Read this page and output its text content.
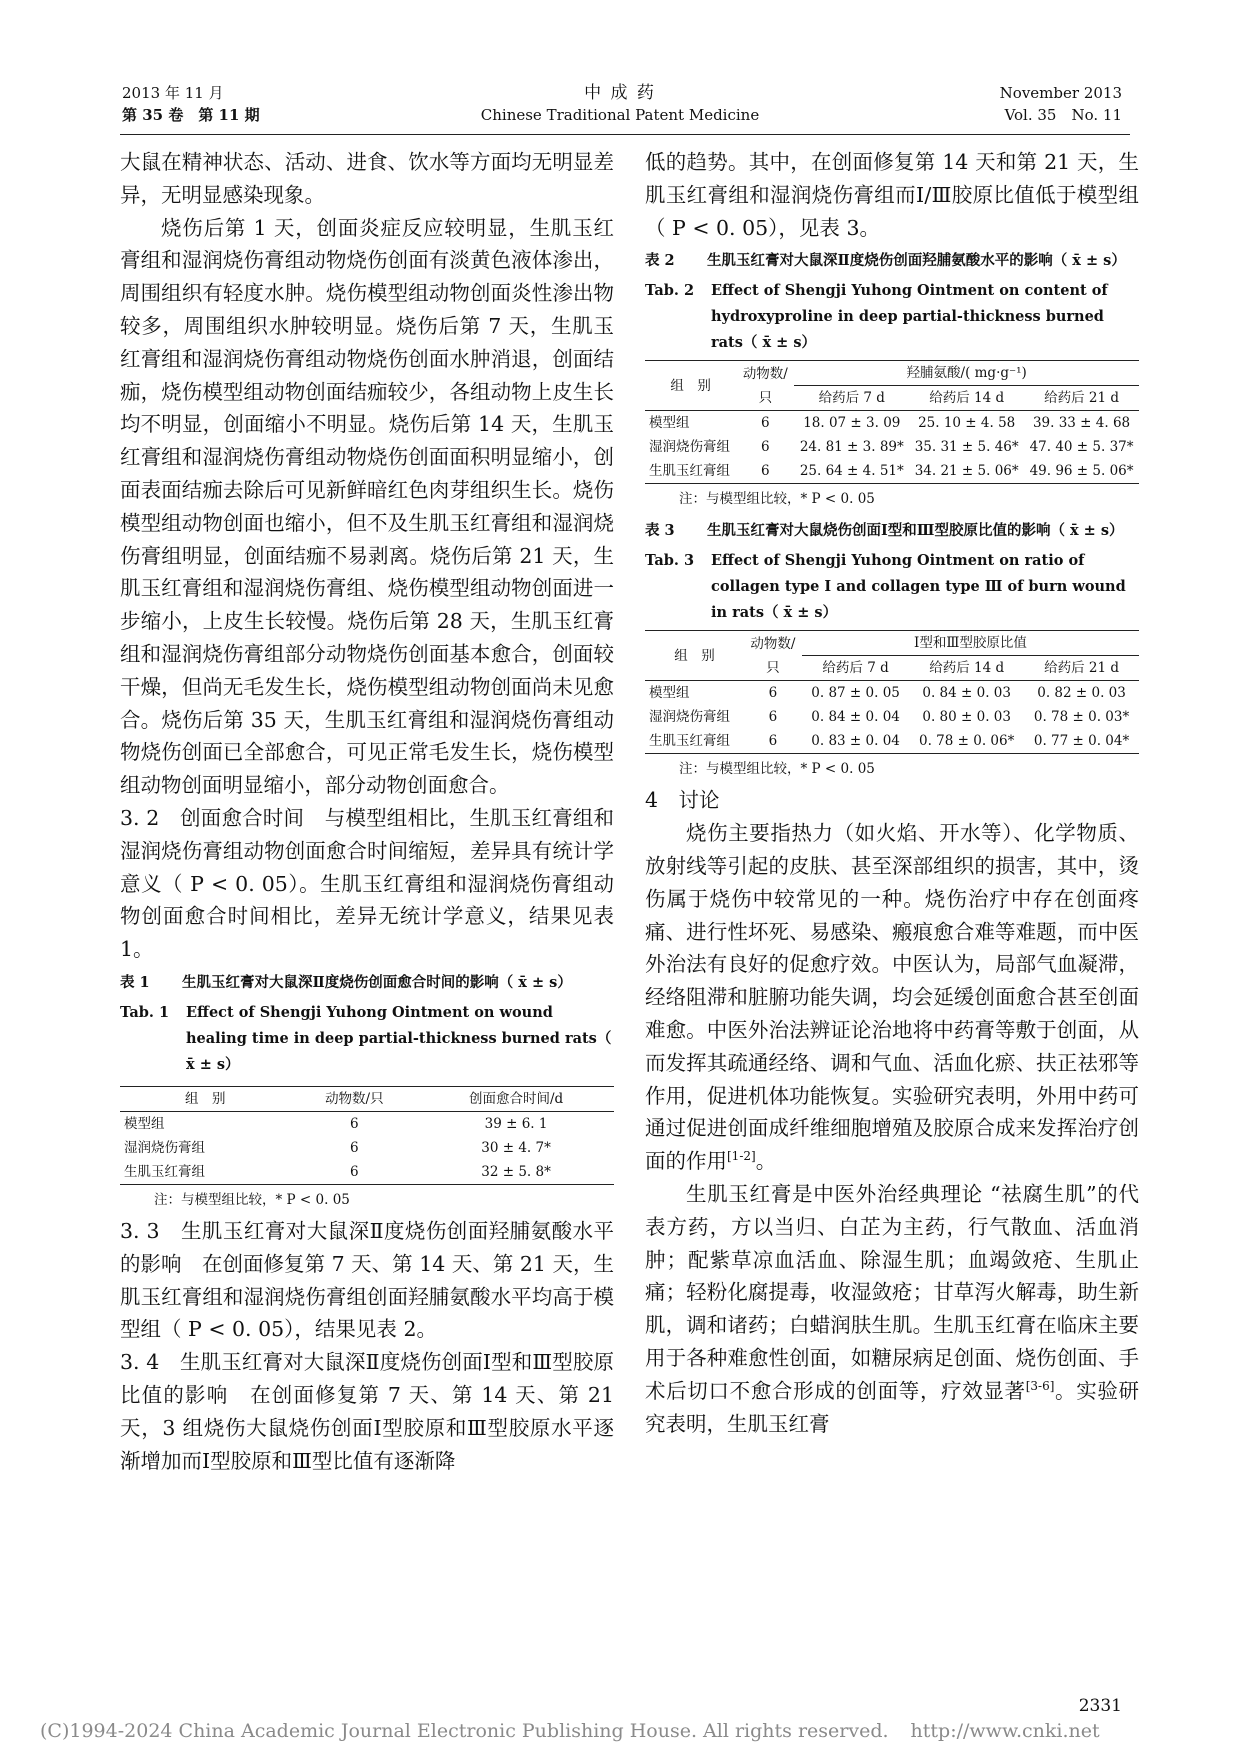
2013 年 11 月
第 35 卷　第 11 期
中 成 药
Chinese Traditional Patent Medicine
November 2013
Vol. 35　No. 11

大鼠在精神状态、活动、进食、饮水等方面均无明显差异，无明显感染现象。

烧伤后第 1 天，创面炎症反应较明显，生肌玉红膏组和湿润烧伤膏组动物烧伤创面有淡黄色液体渗出，周围组织有轻度水肿。烧伤模型组动物创面炎性渗出物较多，周围组织水肿较明显。烧伤后第 7 天，生肌玉红膏组和湿润烧伤膏组动物烧伤创面水肿消退，创面结痂，烧伤模型组动物创面结痂较少，各组动物上皮生长均不明显，创面缩小不明显。烧伤后第 14 天，生肌玉红膏组和湿润烧伤膏组动物烧伤创面面积明显缩小，创面表面结痂去除后可见新鲜暗红色肉芽组织生长。烧伤模型组动物创面也缩小，但不及生肌玉红膏组和湿润烧伤膏组明显，创面结痂不易剥离。烧伤后第 21 天，生肌玉红膏组和湿润烧伤膏组、烧伤模型组动物创面进一步缩小，上皮生长较慢。烧伤后第 28 天，生肌玉红膏组和湿润烧伤膏组部分动物烧伤创面基本愈合，创面较干燥，但尚无毛发生长，烧伤模型组动物创面尚未见愈合。烧伤后第 35 天，生肌玉红膏组和湿润烧伤膏组动物烧伤创面已全部愈合，可见正常毛发生长，烧伤模型组动物创面明显缩小，部分动物创面愈合。

3. 2　创面愈合时间　与模型组相比，生肌玉红膏组和湿润烧伤膏组动物创面愈合时间缩短，差异具有统计学意义（ P < 0. 05）。生肌玉红膏组和湿润烧伤膏组动物创面愈合时间相比，差异无统计学意义，结果见表 1。

表 1	生肌玉红膏对大鼠深Ⅱ度烧伤创面愈合时间的影响（ x̄ ± s）
Tab. 1	Effect of Shengji Yuhong Ointment on wound healing time in deep partial-thickness burned rats（ x̄ ± s）
组　别	动物数/只	创面愈合时间/d
模型组	6	39 ± 6. 1
湿润烧伤膏组	6	30 ± 4. 7*
生肌玉红膏组	6	32 ± 5. 8*
注：与模型组比较，* P < 0. 05

3. 3　生肌玉红膏对大鼠深Ⅱ度烧伤创面羟脯氨酸水平的影响　在创面修复第 7 天、第 14 天、第 21 天，生肌玉红膏组和湿润烧伤膏组创面羟脯氨酸水平均高于模型组（ P < 0. 05），结果见表 2。

3. 4　生肌玉红膏对大鼠深Ⅱ度烧伤创面Ⅰ型和Ⅲ型胶原比值的影响　在创面修复第 7 天、第 14 天、第 21 天，3 组烧伤大鼠烧伤创面Ⅰ型胶原和Ⅲ型胶原水平逐渐增加而Ⅰ型胶原和Ⅲ型比值有逐渐降

低的趋势。其中，在创面修复第 14 天和第 21 天，生肌玉红膏组和湿润烧伤膏组而Ⅰ/Ⅲ胶原比值低于模型组（ P < 0. 05），见表 3。

表 2	生肌玉红膏对大鼠深Ⅱ度烧伤创面羟脯氨酸水平的影响（ x̄ ± s）
Tab. 2	Effect of Shengji Yuhong Ointment on content of hydroxyproline in deep partial-thickness burned rats（ x̄ ± s）
组　别	动物数/只	羟脯氨酸/( mg·g⁻¹)		
		给药后 7 d	给药后 14 d	给药后 21 d
模型组	6	18. 07 ± 3. 09	25. 10 ± 4. 58	39. 33 ± 4. 68
湿润烧伤膏组	6	24. 81 ± 3. 89*	35. 31 ± 5. 46*	47. 40 ± 5. 37*
生肌玉红膏组	6	25. 64 ± 4. 51*	34. 21 ± 5. 06*	49. 96 ± 5. 06*
注：与模型组比较，* P < 0. 05
表 3	生肌玉红膏对大鼠烧伤创面Ⅰ型和Ⅲ型胶原比值的影响（ x̄ ± s）
Tab. 3	Effect of Shengji Yuhong Ointment on ratio of collagen type Ⅰ and collagen type Ⅲ of burn wound in rats（ x̄ ± s）
组　别	动物数/只	Ⅰ型和Ⅲ型胶原比值		
		给药后 7 d	给药后 14 d	给药后 21 d
模型组	6	0. 87 ± 0. 05	0. 84 ± 0. 03	0. 82 ± 0. 03
湿润烧伤膏组	6	0. 84 ± 0. 04	0. 80 ± 0. 03	0. 78 ± 0. 03*
生肌玉红膏组	6	0. 83 ± 0. 04	0. 78 ± 0. 06*	0. 77 ± 0. 04*
注：与模型组比较，* P < 0. 05

4　讨论

烧伤主要指热力（如火焰、开水等）、化学物质、放射线等引起的皮肤、甚至深部组织的损害，其中，烫伤属于烧伤中较常见的一种。烧伤治疗中存在创面疼痛、进行性坏死、易感染、瘢痕愈合难等难题，而中医外治法有良好的促愈疗效。中医认为，局部气血凝滞，经络阻滞和脏腑功能失调，均会延缓创面愈合甚至创面难愈。中医外治法辨证论治地将中药膏等敷于创面，从而发挥其疏通经络、调和气血、活血化瘀、扶正祛邪等作用，促进机体功能恢复。实验研究表明，外用中药可通过促进创面成纤维细胞增殖及胶原合成来发挥治疗创面的作用[1-2]。

生肌玉红膏是中医外治经典理论 “祛腐生肌”的代表方药，方以当归、白芷为主药，行气散血、活血消肿；配紫草凉血活血、除湿生肌；血竭敛疮、生肌止痛；轻粉化腐提毒，收湿敛疮；甘草泻火解毒，助生新肌，调和诸药；白蜡润肤生肌。生肌玉红膏在临床主要用于各种难愈性创面，如糖尿病足创面、烧伤创面、手术后切口不愈合形成的创面等，疗效显著[3-6]。实验研究表明，生肌玉红膏

2331
(C)1994-2024 China Academic Journal Electronic Publishing House. All rights reserved. http://www.cnki.net
